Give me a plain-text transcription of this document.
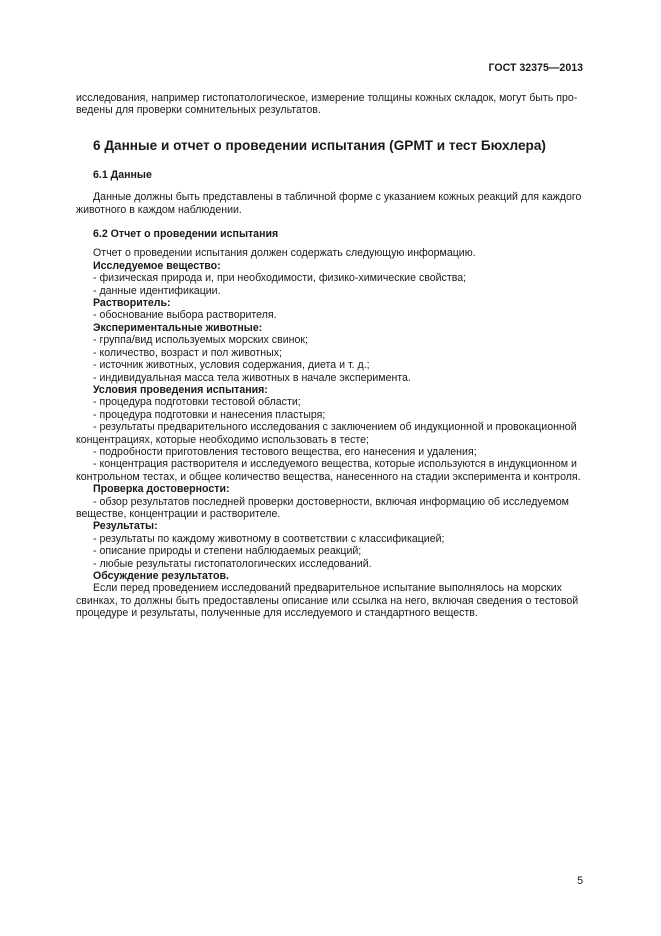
ГОСТ 32375—2013

исследования, например гистопатологическое, измерение толщины кожных складок, могут быть про-

ведены для проверки сомнительных результатов.

6 Данные и отчет о проведении испытания (GPMT и тест Бюхлера)

6.1 Данные

Данные должны быть представлены в табличной форме с указанием кожных реакций для каждого

животного в каждом наблюдении.

6.2 Отчет о проведении испытания

Отчет о проведении испытания должен содержать следующую информацию.

Исследуемое вещество:

- физическая природа и, при необходимости, физико-химические свойства;

- данные идентификации.

Растворитель:

- обоснование выбора растворителя.

Экспериментальные животные:

- группа/вид используемых морских свинок;

- количество, возраст и пол животных;

- источник животных, условия содержания, диета и т. д.;

- индивидуальная масса тела животных в начале эксперимента.

Условия проведения испытания:

- процедура подготовки тестовой области;

- процедура подготовки и нанесения пластыря;

- результаты предварительного исследования с заключением об индукционной и провокационной

концентрациях, которые необходимо использовать в тесте;

- подробности приготовления тестового вещества, его нанесения и удаления;

- концентрация растворителя и исследуемого вещества, которые используются в индукционном и

контрольном тестах, и общее количество вещества, нанесенного на стадии эксперимента и контроля.

Проверка достоверности:

- обзор результатов последней проверки достоверности, включая информацию об исследуемом

веществе, концентрации и растворителе.

Результаты:

- результаты по каждому животному в соответствии с классификацией;

- описание природы и степени наблюдаемых реакций;

- любые результаты гистопатологических исследований.

Обсуждение результатов.

Если перед проведением исследований предварительное испытание выполнялось на морских

свинках, то должны быть предоставлены описание или ссылка на него, включая сведения о тестовой

процедуре и результаты, полученные для исследуемого и стандартного веществ.

5
